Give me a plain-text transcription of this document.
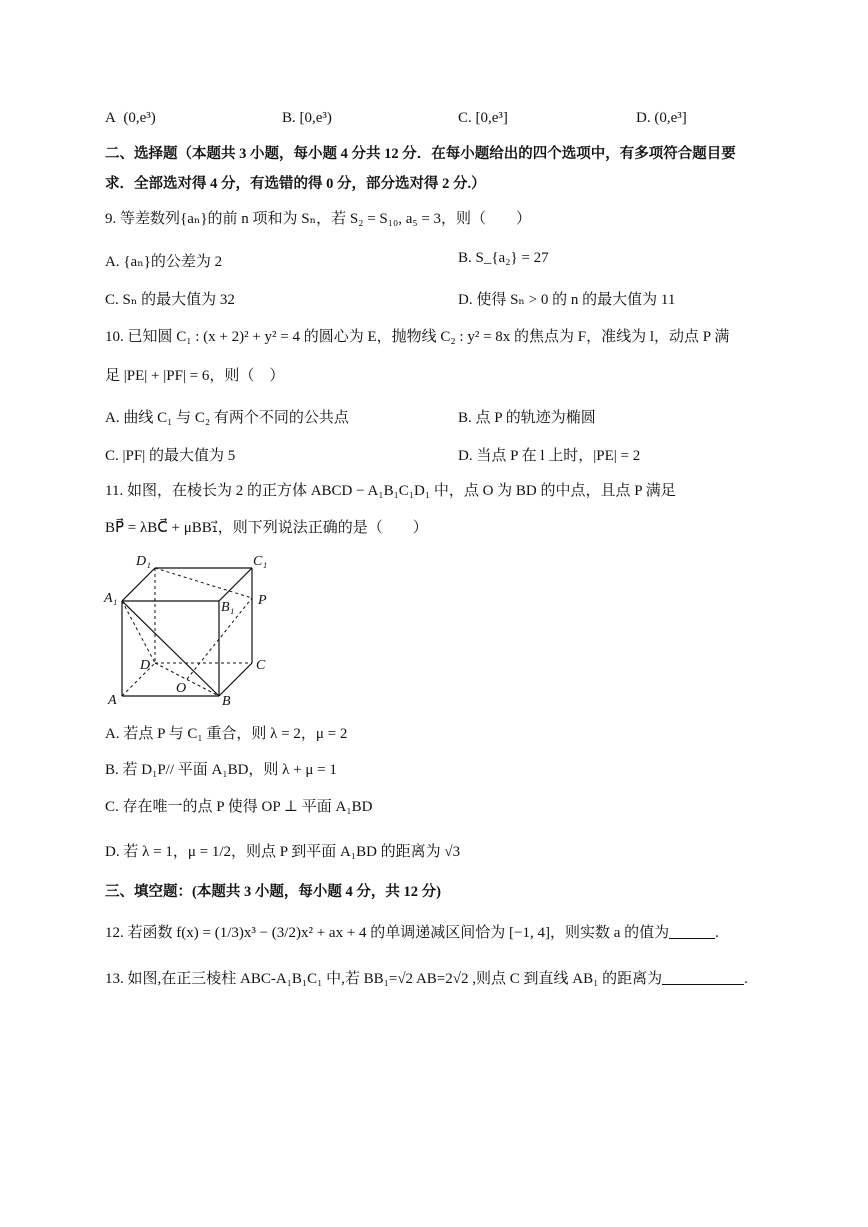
A (0,e³)	B. [0,e³)	C. [0,e³]	D. (0,e³]
二、选择题（本题共 3 小题，每小题 4 分共 12 分．在每小题给出的四个选项中，有多项符合题目要
求．全部选对得 4 分，有选错的得 0 分，部分选对得 2 分.）
9. 等差数列{aₙ}的前 n 项和为 Sₙ，若 S₂ = S₁₀, a₅ = 3，则（　　）
A. {aₙ}的公差为 2	B. S_{a₂} = 27
C. Sₙ 的最大值为 32	D. 使得 Sₙ > 0 的 n 的最大值为 11
10. 已知圆 C₁ : (x + 2)² + y² = 4 的圆心为 E，抛物线 C₂ : y² = 8x 的焦点为 F，准线为 l，动点 P 满
足 |PE| + |PF| = 6，则（　）
A. 曲线 C₁ 与 C₂ 有两个不同的公共点	B. 点 P 的轨迹为椭圆
C. |PF| 的最大值为 5	D. 当点 P 在 l 上时，|PE| = 2
11. 如图，在棱长为 2 的正方体 ABCD − A₁B₁C₁D₁ 中，点 O 为 BD 的中点，且点 P 满足
BP⃗ = λBC⃗ + μBB₁⃗，则下列说法正确的是（　　）
D₁	C₁
A₁
B₁ P
D	C
A
O
B
A. 若点 P 与 C₁ 重合，则 λ = 2，μ = 2
B. 若 D₁P// 平面 A₁BD，则 λ + μ = 1
C. 存在唯一的点 P 使得 OP ⊥ 平面 A₁BD
D. 若 λ = 1，μ = 1/2，则点 P 到平面 A₁BD 的距离为 √3
三、填空题：(本题共 3 小题，每小题 4 分，共 12 分)
12. 若函数 f(x) = (1/3)x³ − (3/2)x² + ax + 4 的单调递减区间恰为 [−1, 4]，则实数 a 的值为	.
13. 如图,在正三棱柱 ABC-A₁B₁C₁ 中,若 BB₁=√2 AB=2√2 ,则点 C 到直线 AB₁ 的距离为	.
